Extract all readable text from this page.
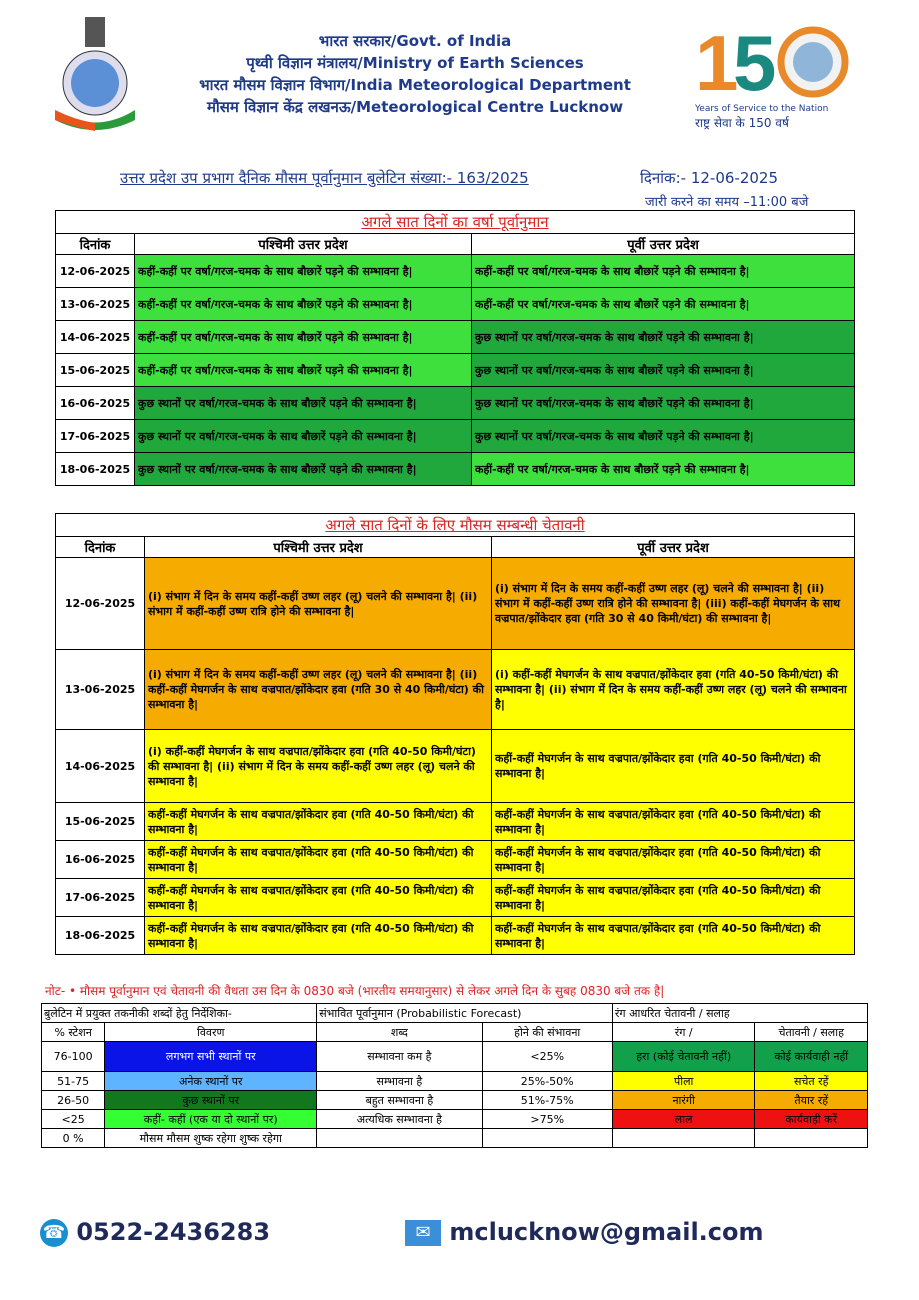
भारत सरकार/Govt. of India
पृथ्वी विज्ञान मंत्रालय/Ministry of Earth Sciences
भारत मौसम विज्ञान विभाग/India Meteorological Department
मौसम विज्ञान केंद्र लखनऊ/Meteorological Centre Lucknow 1
5
Years of Service to the Nation
राष्ट्र सेवा के 150 वर्ष
उत्तर प्रदेश उप प्रभाग दैनिक मौसम पूर्वानुमान बुलेटिन संख्या:- 163/2025	दिनांक:- 12-06-2025
जारी करने का समय –11:00 बजे
अगले सात दिनों का वर्षा पूर्वानुमान		
दिनांक	पश्चिमी उत्तर प्रदेश	पूर्वी उत्तर प्रदेश
12-06-2025	कहीं-कहीं पर वर्षा/गरज-चमक के साथ बौछारें पड़ने की सम्भावना है|	कहीं-कहीं पर वर्षा/गरज-चमक के साथ बौछारें पड़ने की सम्भावना है|
13-06-2025	कहीं-कहीं पर वर्षा/गरज-चमक के साथ बौछारें पड़ने की सम्भावना है|	कहीं-कहीं पर वर्षा/गरज-चमक के साथ बौछारें पड़ने की सम्भावना है|
14-06-2025	कहीं-कहीं पर वर्षा/गरज-चमक के साथ बौछारें पड़ने की सम्भावना है|	कुछ स्थानों पर वर्षा/गरज-चमक के साथ बौछारें पड़ने की सम्भावना है|
15-06-2025	कहीं-कहीं पर वर्षा/गरज-चमक के साथ बौछारें पड़ने की सम्भावना है|	कुछ स्थानों पर वर्षा/गरज-चमक के साथ बौछारें पड़ने की सम्भावना है|
16-06-2025	कुछ स्थानों पर वर्षा/गरज-चमक के साथ बौछारें पड़ने की सम्भावना है|	कुछ स्थानों पर वर्षा/गरज-चमक के साथ बौछारें पड़ने की सम्भावना है|
17-06-2025	कुछ स्थानों पर वर्षा/गरज-चमक के साथ बौछारें पड़ने की सम्भावना है|	कुछ स्थानों पर वर्षा/गरज-चमक के साथ बौछारें पड़ने की सम्भावना है|
18-06-2025	कुछ स्थानों पर वर्षा/गरज-चमक के साथ बौछारें पड़ने की सम्भावना है|	कहीं-कहीं पर वर्षा/गरज-चमक के साथ बौछारें पड़ने की सम्भावना है|
अगले सात दिनों के लिए मौसम सम्बन्धी चेतावनी		
दिनांक	पश्चिमी उत्तर प्रदेश	पूर्वी उत्तर प्रदेश
12-06-2025	(i) संभाग में दिन के समय कहीं-कहीं उष्ण लहर (लू) चलने की सम्भावना है| (ii) संभाग में कहीं-कहीं उष्ण रात्रि होने की सम्भावना है|	(i) संभाग में दिन के समय कहीं-कहीं उष्ण लहर (लू) चलने की सम्भावना है| (ii) संभाग में कहीं-कहीं उष्ण रात्रि होने की सम्भावना है| (iii) कहीं-कहीं मेघगर्जन के साथ वज्रपात/झोंकेदार हवा (गति 30 से 40 किमी/घंटा) की सम्भावना है|
13-06-2025	(i) संभाग में दिन के समय कहीं-कहीं उष्ण लहर (लू) चलने की सम्भावना है| (ii) कहीं-कहीं मेघगर्जन के साथ वज्रपात/झोंकेदार हवा (गति 30 से 40 किमी/घंटा) की सम्भावना है|	(i) कहीं-कहीं मेघगर्जन के साथ वज्रपात/झोंकेदार हवा (गति 40-50 किमी/घंटा) की सम्भावना है| (ii) संभाग में दिन के समय कहीं-कहीं उष्ण लहर (लू) चलने की सम्भावना है|
14-06-2025	(i) कहीं-कहीं मेघगर्जन के साथ वज्रपात/झोंकेदार हवा (गति 40-50 किमी/घंटा) की सम्भावना है| (ii) संभाग में दिन के समय कहीं-कहीं उष्ण लहर (लू) चलने की सम्भावना है|	कहीं-कहीं मेघगर्जन के साथ वज्रपात/झोंकेदार हवा (गति 40-50 किमी/घंटा) की सम्भावना है|
15-06-2025	कहीं-कहीं मेघगर्जन के साथ वज्रपात/झोंकेदार हवा (गति 40-50 किमी/घंटा) की सम्भावना है|	कहीं-कहीं मेघगर्जन के साथ वज्रपात/झोंकेदार हवा (गति 40-50 किमी/घंटा) की सम्भावना है|
16-06-2025	कहीं-कहीं मेघगर्जन के साथ वज्रपात/झोंकेदार हवा (गति 40-50 किमी/घंटा) की सम्भावना है|	कहीं-कहीं मेघगर्जन के साथ वज्रपात/झोंकेदार हवा (गति 40-50 किमी/घंटा) की सम्भावना है|
17-06-2025	कहीं-कहीं मेघगर्जन के साथ वज्रपात/झोंकेदार हवा (गति 40-50 किमी/घंटा) की सम्भावना है|	कहीं-कहीं मेघगर्जन के साथ वज्रपात/झोंकेदार हवा (गति 40-50 किमी/घंटा) की सम्भावना है|
18-06-2025	कहीं-कहीं मेघगर्जन के साथ वज्रपात/झोंकेदार हवा (गति 40-50 किमी/घंटा) की सम्भावना है|	कहीं-कहीं मेघगर्जन के साथ वज्रपात/झोंकेदार हवा (गति 40-50 किमी/घंटा) की सम्भावना है|
नोट- • मौसम पूर्वानुमान एवं चेतावनी की वैधता उस दिन के 0830 बजे (भारतीय समयानुसार) से लेकर अगले दिन के सुबह 0830 बजे तक है|
बुलेटिन में प्रयुक्त तकनीकी शब्दों हेतु निर्देशिका-		संभावित पूर्वानुमान (Probabilistic Forecast)		रंग आधरित चेतावनी / सलाह	
% स्टेशन	विवरण	शब्द	होने की संभावना	रंग /	चेतावनी / सलाह
76-100	लगभग सभी स्थानों पर	सम्भावना कम है	<25%	हरा (कोई चेतावनी नहीं)	कोई कार्यवाही नहीं
51-75	अनेक स्थानों पर	सम्भावना है	25%-50%	पीला	सचेत रहें
26-50	कुछ स्थानों पर	बहुत सम्भावना है	51%-75%	नारंगी	तैयार रहें
<25	कहीं- कहीं (एक या दो स्थानों पर)	अत्यधिक सम्भावना है	>75%	लाल	कार्यवाही करें
0 %	मौसम मौसम शुष्क रहेगा शुष्क रहेगा				
☎ 0522-2436283	✉ mclucknow@gmail.com
